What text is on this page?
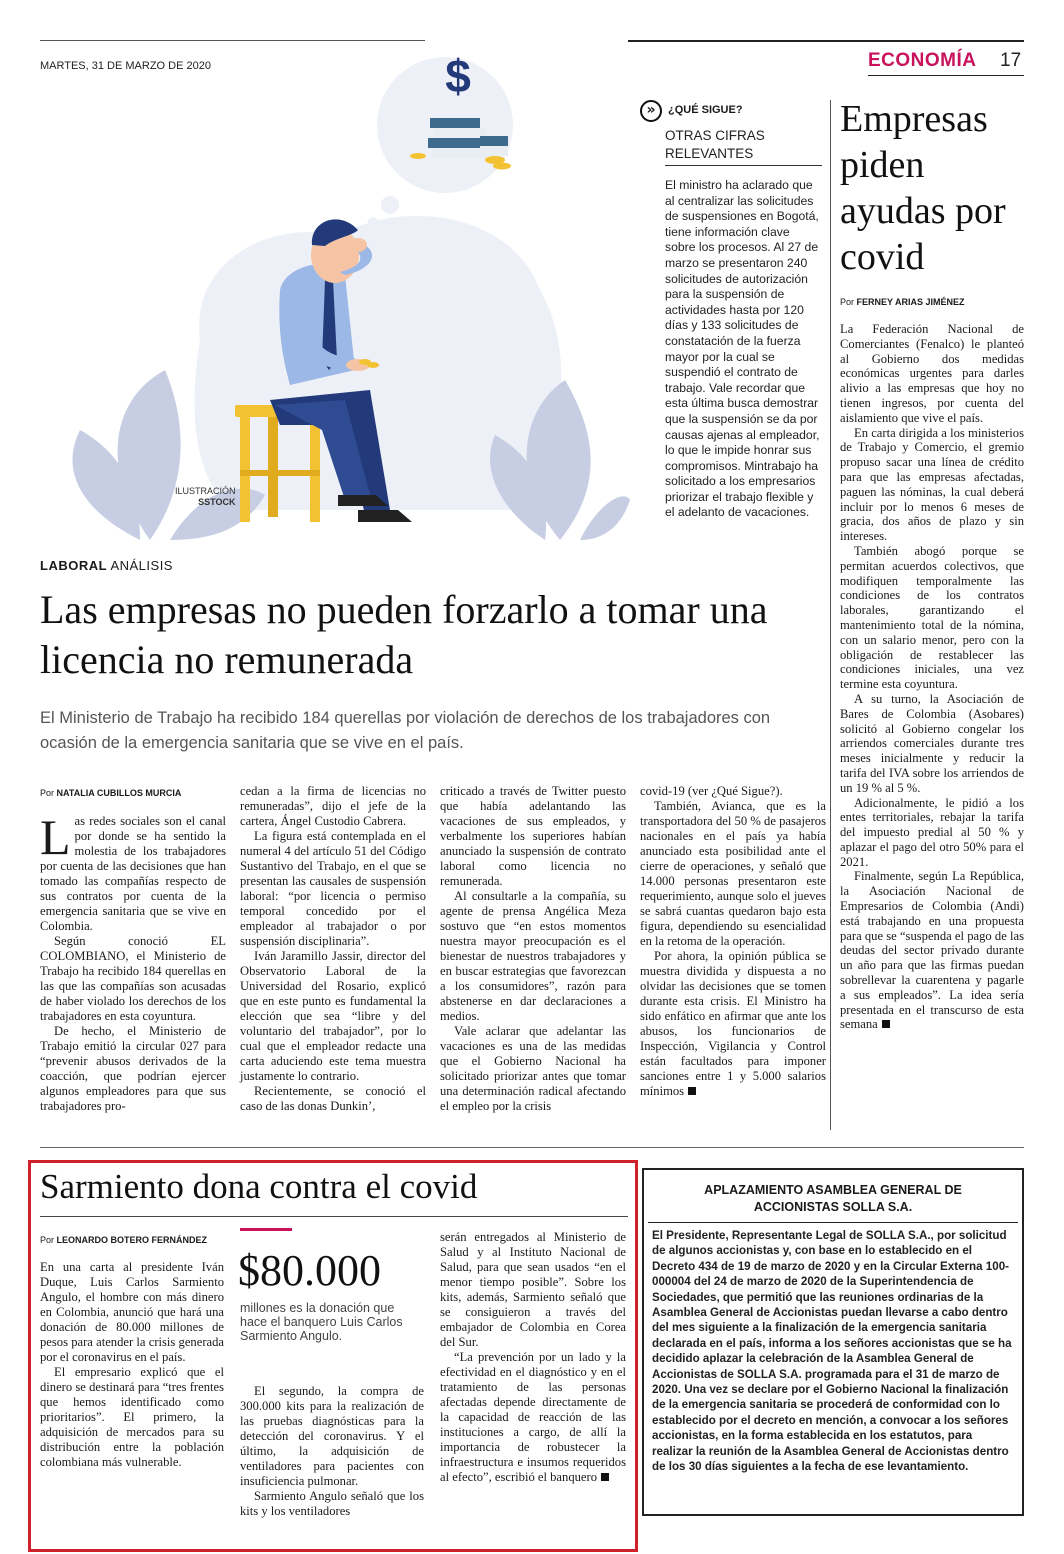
MARTES, 31 DE MARZO DE 2020	ECONOMÍA 17
$
ILUSTRACIÓN
SSTOCK
»	¿QUÉ SIGUE?
OTRAS CIFRAS RELEVANTES
El ministro ha aclarado que al centralizar las solicitudes de suspensiones en Bogotá, tiene información clave sobre los procesos. Al 27 de marzo se presentaron 240 solicitudes de autorización para la suspensión de actividades hasta por 120 días y 133 solicitudes de constatación de la fuerza mayor por la cual se suspendió el contrato de trabajo. Vale recordar que esta última busca demostrar que la suspensión se da por causas ajenas al empleador, lo que le impide honrar sus compromisos. Mintrabajo ha solicitado a los empresarios priorizar el trabajo flexible y el adelanto de vacaciones.
Empresas piden ayudas por covid
Por FERNEY ARIAS JIMÉNEZ

La Federación Nacional de Comerciantes (Fenalco) le planteó al Gobierno dos medidas económicas urgentes para darles alivio a las empresas que hoy no tienen ingresos, por cuenta del aislamiento que vive el país.

En carta dirigida a los ministerios de Trabajo y Comercio, el gremio propuso sacar una línea de crédito para que las empresas afectadas, paguen las nóminas, la cual deberá incluir por lo menos 6 meses de gracia, dos años de plazo y sin intereses.

También abogó porque se permitan acuerdos colectivos, que modifiquen temporalmente las condiciones de los contratos laborales, garantizando el mantenimiento total de la nómina, con un salario menor, pero con la obligación de restablecer las condiciones iniciales, una vez termine esta coyuntura.

A su turno, la Asociación de Bares de Colombia (Asobares) solicitó al Gobierno congelar los arriendos comerciales durante tres meses inicialmente y reducir la tarifa del IVA sobre los arriendos de un 19 % al 5 %.

Adicionalmente, le pidió a los entes territoriales, rebajar la tarifa del impuesto predial al 50 % y aplazar el pago del otro 50% para el 2021.

Finalmente, según La República, la Asociación Nacional de Empresarios de Colombia (Andi) está trabajando en una propuesta para que se “suspenda el pago de las deudas del sector privado durante un año para que las firmas puedan sobrellevar la cuarentena y pagarle a sus empleados”. La idea sería presentada en el transcurso de esta semana

LABORAL ANÁLISIS
Las empresas no pueden forzarlo a tomar una licencia no remunerada
El Ministerio de Trabajo ha recibido 184 querellas por violación de derechos de los trabajadores con ocasión de la emergencia sanitaria que se vive en el país.
Por NATALIA CUBILLOS MURCIA

Las redes sociales son el canal por donde se ha sentido la molestia de los trabajadores por cuenta de las decisiones que han tomado las compañías respecto de sus contratos por cuenta de la emergencia sanitaria que se vive en Colombia.

Según conoció EL COLOMBIANO, el Ministerio de Trabajo ha recibido 184 querellas en las que las compañías son acusadas de haber violado los derechos de los trabajadores en esta coyuntura.

De hecho, el Ministerio de Trabajo emitió la circular 027 para “prevenir abusos derivados de la coacción, que podrían ejercer algunos empleadores para que sus trabajadores pro-

cedan a la firma de licencias no remuneradas”, dijo el jefe de la cartera, Ángel Custodio Cabrera.

La figura está contemplada en el numeral 4 del artículo 51 del Código Sustantivo del Trabajo, en el que se presentan las causales de suspensión laboral: “por licencia o permiso temporal concedido por el empleador al trabajador o por suspensión disciplinaria”.

Iván Jaramillo Jassir, director del Observatorio Laboral de la Universidad del Rosario, explicó que en este punto es fundamental la elección que sea “libre y del voluntario del trabajador”, por lo cual que el empleador redacte una carta aduciendo este tema muestra justamente lo contrario.

Recientemente, se conoció el caso de las donas Dunkin’,

criticado a través de Twitter puesto que había adelantando las vacaciones de sus empleados, y verbalmente los superiores habían anunciado la suspensión de contrato laboral como licencia no remunerada.

Al consultarle a la compañía, su agente de prensa Angélica Meza sostuvo que “en estos momentos nuestra mayor preocupación es el bienestar de nuestros trabajadores y en buscar estrategias que favorezcan a los consumidores”, razón para abstenerse en dar declaraciones a medios.

Vale aclarar que adelantar las vacaciones es una de las medidas que el Gobierno Nacional ha solicitado priorizar antes que tomar una determinación radical afectando el empleo por la crisis

covid-19 (ver ¿Qué Sigue?).

También, Avianca, que es la transportadora del 50 % de pasajeros nacionales en el país ya había anunciado esta posibilidad ante el cierre de operaciones, y señaló que 14.000 personas presentaron este requerimiento, aunque solo el jueves se sabrá cuantas quedaron bajo esta figura, dependiendo su esencialidad en la retoma de la operación.

Por ahora, la opinión pública se muestra dividida y dispuesta a no olvidar las decisiones que se tomen durante esta crisis. El Ministro ha sido enfático en afirmar que ante los abusos, los funcionarios de Inspección, Vigilancia y Control están facultados para imponer sanciones entre 1 y 5.000 salarios mínimos

Sarmiento dona contra el covid
Por LEONARDO BOTERO FERNÁNDEZ

En una carta al presidente Iván Duque, Luis Carlos Sarmiento Angulo, el hombre con más dinero en Colombia, anunció que hará una donación de 80.000 millones de pesos para atender la crisis generada por el coronavirus en el país.

El empresario explicó que el dinero se destinará para “tres frentes que hemos identificado como prioritarios”. El primero, la adquisición de mercados para su distribución entre la población colombiana más vulnerable.

$80.000
millones es la donación que hace el banquero Luis Carlos Sarmiento Angulo.

El segundo, la compra de 300.000 kits para la realización de las pruebas diagnósticas para la detección del coronavirus. Y el último, la adquisición de ventiladores para pacientes con insuficiencia pulmonar.

Sarmiento Angulo señaló que los kits y los ventiladores

serán entregados al Ministerio de Salud y al Instituto Nacional de Salud, para que sean usados “en el menor tiempo posible”. Sobre los kits, además, Sarmiento señaló que se consiguieron a través del embajador de Colombia en Corea del Sur.

“La prevención por un lado y la efectividad en el diagnóstico y en el tratamiento de las personas afectadas depende directamente de la capacidad de reacción de las instituciones a cargo, de allí la importancia de robustecer la infraestructura e insumos requeridos al efecto”, escribió el banquero

APLAZAMIENTO ASAMBLEA GENERAL DE
ACCIONISTAS SOLLA S.A.
El Presidente, Representante Legal de SOLLA S.A., por solicitud de algunos accionistas y, con base en lo establecido en el Decreto 434 de 19 de marzo de 2020 y en la Circular Externa 100-000004 del 24 de marzo de 2020 de la Superintendencia de Sociedades, que permitió que las reuniones ordinarias de la Asamblea General de Accionistas puedan llevarse a cabo dentro del mes siguiente a la finalización de la emergencia sanitaria declarada en el país, informa a los señores accionistas que se ha decidido aplazar la celebración de la Asamblea General de Accionistas de SOLLA S.A. programada para el 31 de marzo de 2020. Una vez se declare por el Gobierno Nacional la finalización de la emergencia sanitaria se procederá de conformidad con lo establecido por el decreto en mención, a convocar a los señores accionistas, en la forma establecida en los estatutos, para realizar la reunión de la Asamblea General de Accionistas dentro de los 30 días siguientes a la fecha de ese levantamiento.
